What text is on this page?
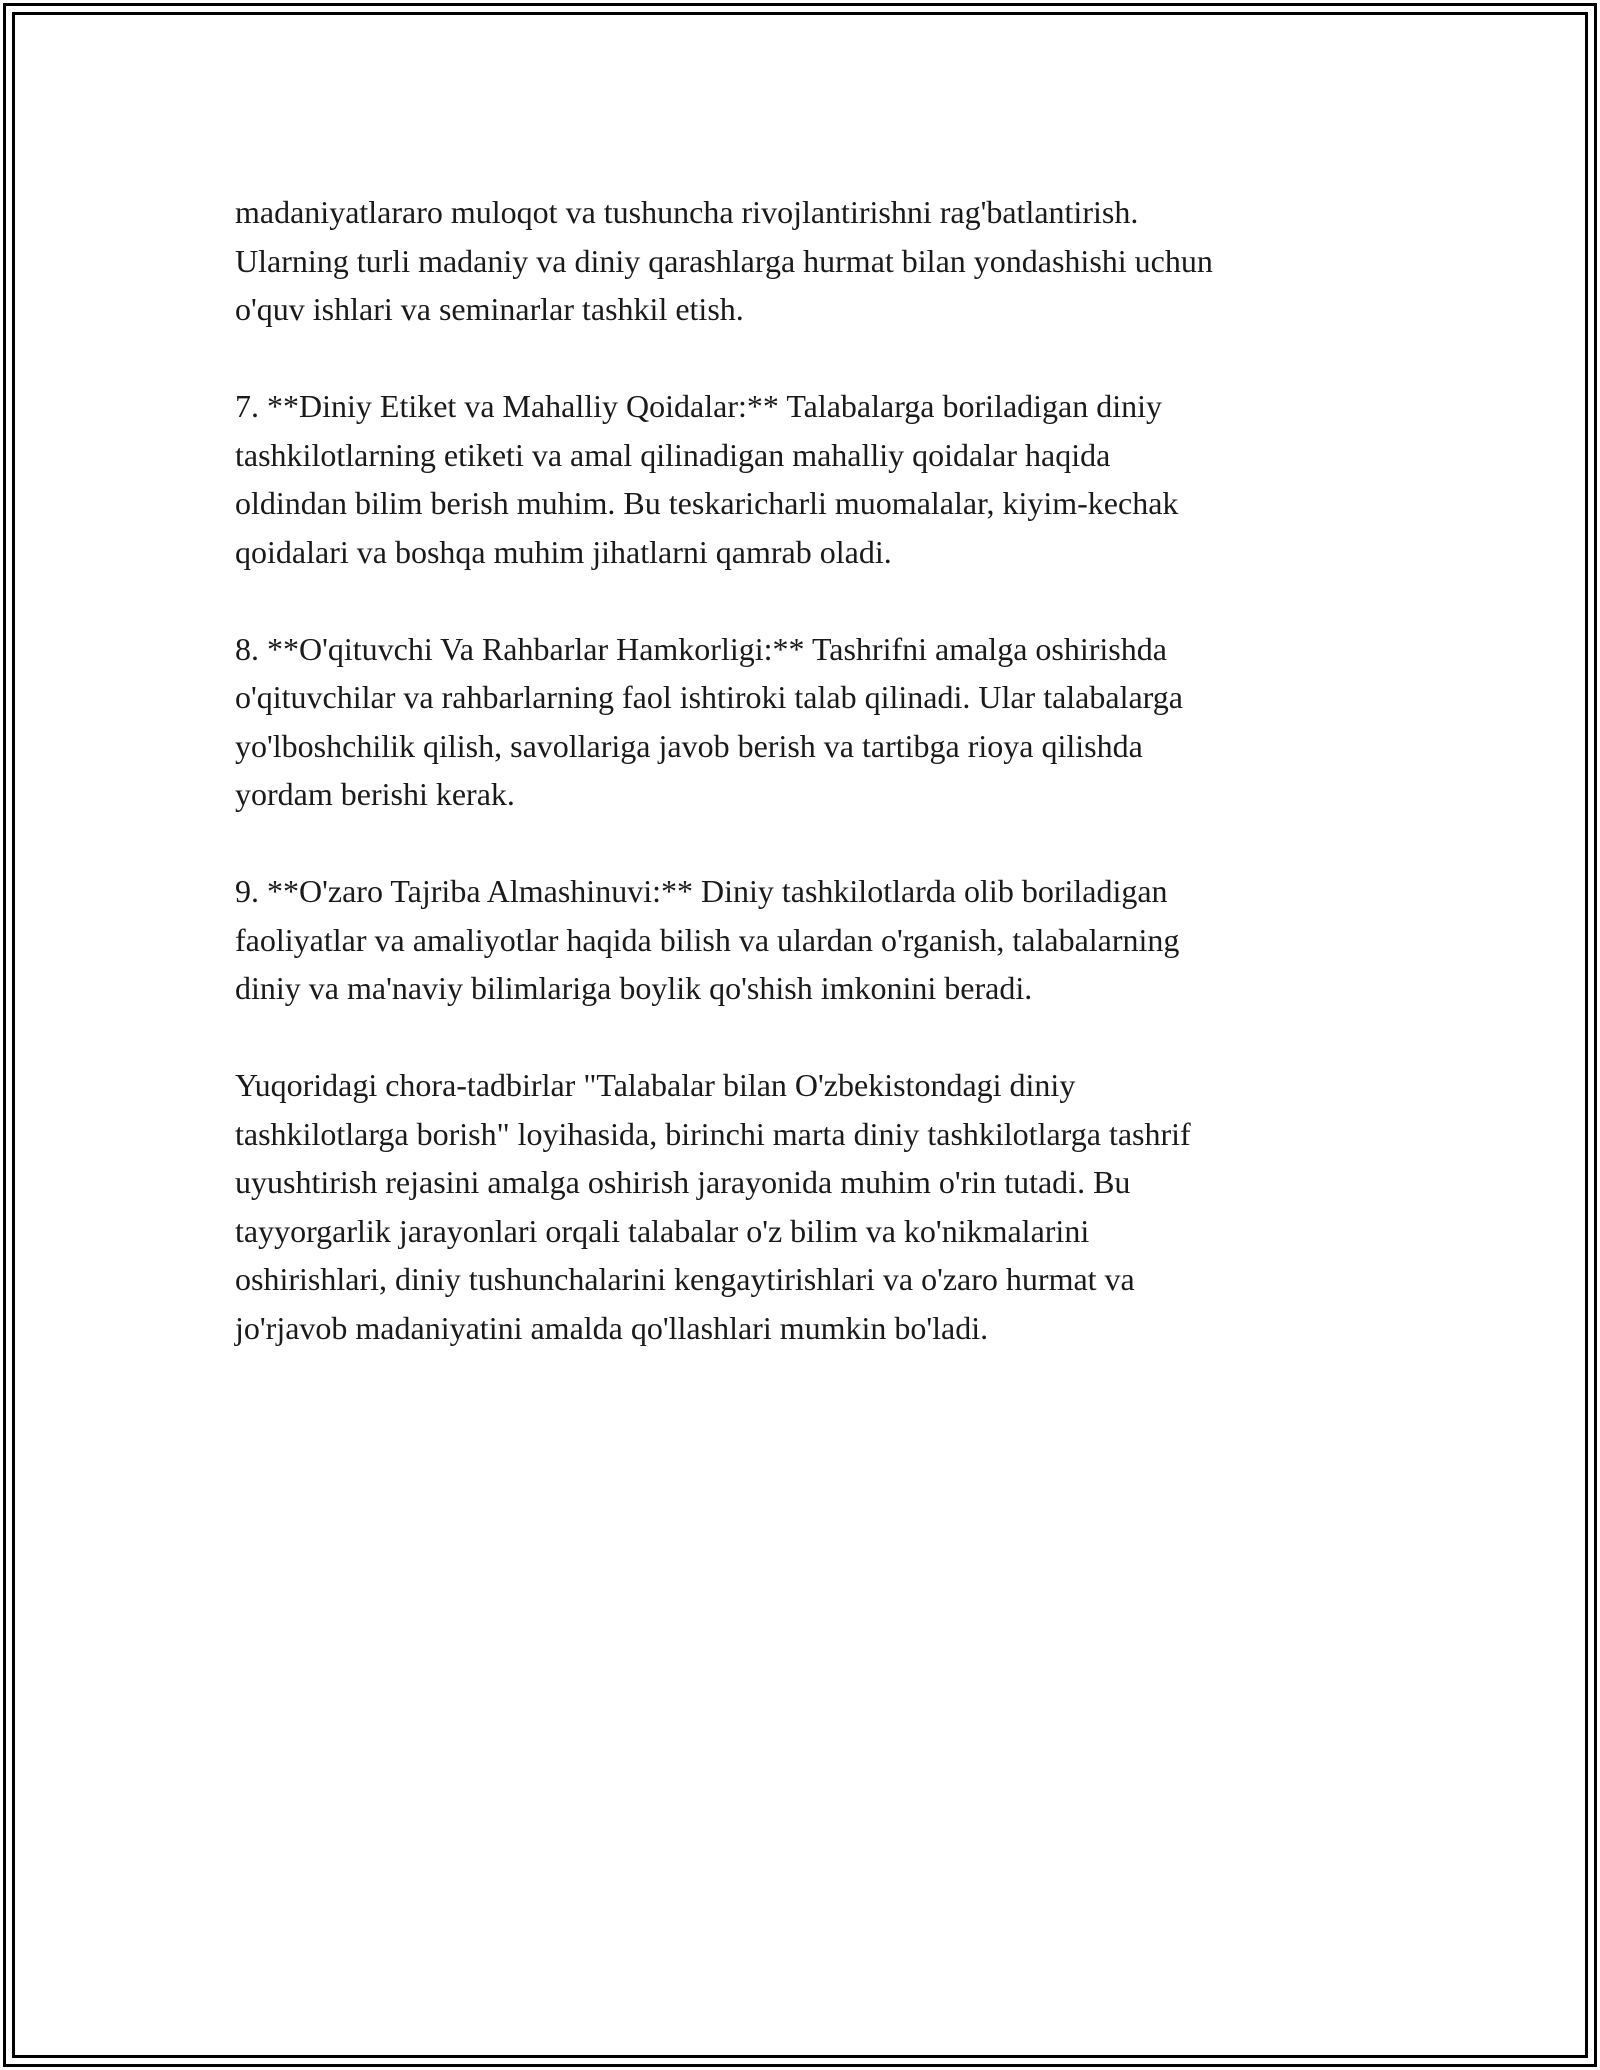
madaniyatlararo muloqot va tushuncha rivojlantirishni rag'batlantirish.
Ularning turli madaniy va diniy qarashlarga hurmat bilan yondashishi uchun
o'quv ishlari va seminarlar tashkil etish.

7. **Diniy Etiket va Mahalliy Qoidalar:** Talabalarga boriladigan diniy
tashkilotlarning etiketi va amal qilinadigan mahalliy qoidalar haqida
oldindan bilim berish muhim. Bu teskaricharli muomalalar, kiyim-kechak
qoidalari va boshqa muhim jihatlarni qamrab oladi.

8. **O'qituvchi Va Rahbarlar Hamkorligi:** Tashrifni amalga oshirishda
o'qituvchilar va rahbarlarning faol ishtiroki talab qilinadi. Ular talabalarga
yo'lboshchilik qilish, savollariga javob berish va tartibga rioya qilishda
yordam berishi kerak.

9. **O'zaro Tajriba Almashinuvi:** Diniy tashkilotlarda olib boriladigan
faoliyatlar va amaliyotlar haqida bilish va ulardan o'rganish, talabalarning
diniy va ma'naviy bilimlariga boylik qo'shish imkonini beradi.

Yuqoridagi chora-tadbirlar "Talabalar bilan O'zbekistondagi diniy
tashkilotlarga borish" loyihasida, birinchi marta diniy tashkilotlarga tashrif
uyushtirish rejasini amalga oshirish jarayonida muhim o'rin tutadi. Bu
tayyorgarlik jarayonlari orqali talabalar o'z bilim va ko'nikmalarini
oshirishlari, diniy tushunchalarini kengaytirishlari va o'zaro hurmat va
jo'rjavob madaniyatini amalda qo'llashlari mumkin bo'ladi.
